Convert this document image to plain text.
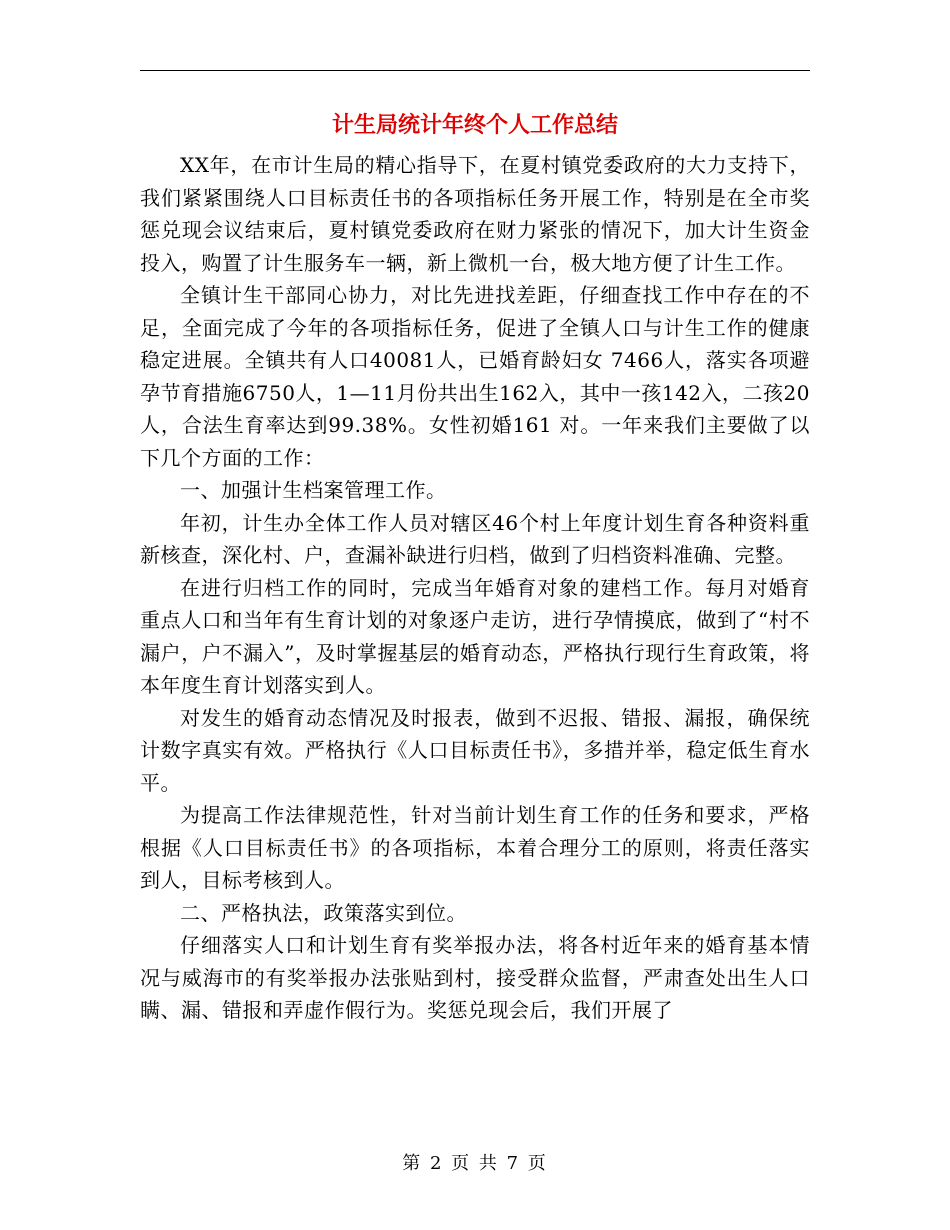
计生局统计年终个人工作总结

XX年，在市计生局的精心指导下，在夏村镇党委政府的大力支持下，我们紧紧围绕人口目标责任书的各项指标任务开展工作，特别是在全市奖惩兑现会议结束后，夏村镇党委政府在财力紧张的情况下，加大计生资金投入，购置了计生服务车一辆，新上微机一台，极大地方便了计生工作。

全镇计生干部同心协力，对比先进找差距，仔细查找工作中存在的不足，全面完成了今年的各项指标任务，促进了全镇人口与计生工作的健康稳定进展。全镇共有人口40081人，已婚育龄妇女 7466人，落实各项避孕节育措施6750人，1—11月份共出生162入，其中一孩142入，二孩20人，合法生育率达到99.38%。女性初婚161 对。一年来我们主要做了以下几个方面的工作：

一、加强计生档案管理工作。

年初，计生办全体工作人员对辖区46个村上年度计划生育各种资料重新核查，深化村、户，查漏补缺进行归档，做到了归档资料准确、完整。

在进行归档工作的同时，完成当年婚育对象的建档工作。每月对婚育重点人口和当年有生育计划的对象逐户走访，进行孕情摸底，做到了“村不漏户，户不漏入”，及时掌握基层的婚育动态，严格执行现行生育政策，将本年度生育计划落实到人。

对发生的婚育动态情况及时报表，做到不迟报、错报、漏报，确保统计数字真实有效。严格执行《人口目标责任书》，多措并举，稳定低生育水平。

为提高工作法律规范性，针对当前计划生育工作的任务和要求，严格根据《人口目标责任书》的各项指标，本着合理分工的原则，将责任落实到人，目标考核到人。

二、严格执法，政策落实到位。

仔细落实人口和计划生育有奖举报办法，将各村近年来的婚育基本情况与威海市的有奖举报办法张贴到村，接受群众监督，严肃查处出生人口瞒、漏、错报和弄虚作假行为。奖惩兑现会后，我们开展了

第 2 页 共 7 页
